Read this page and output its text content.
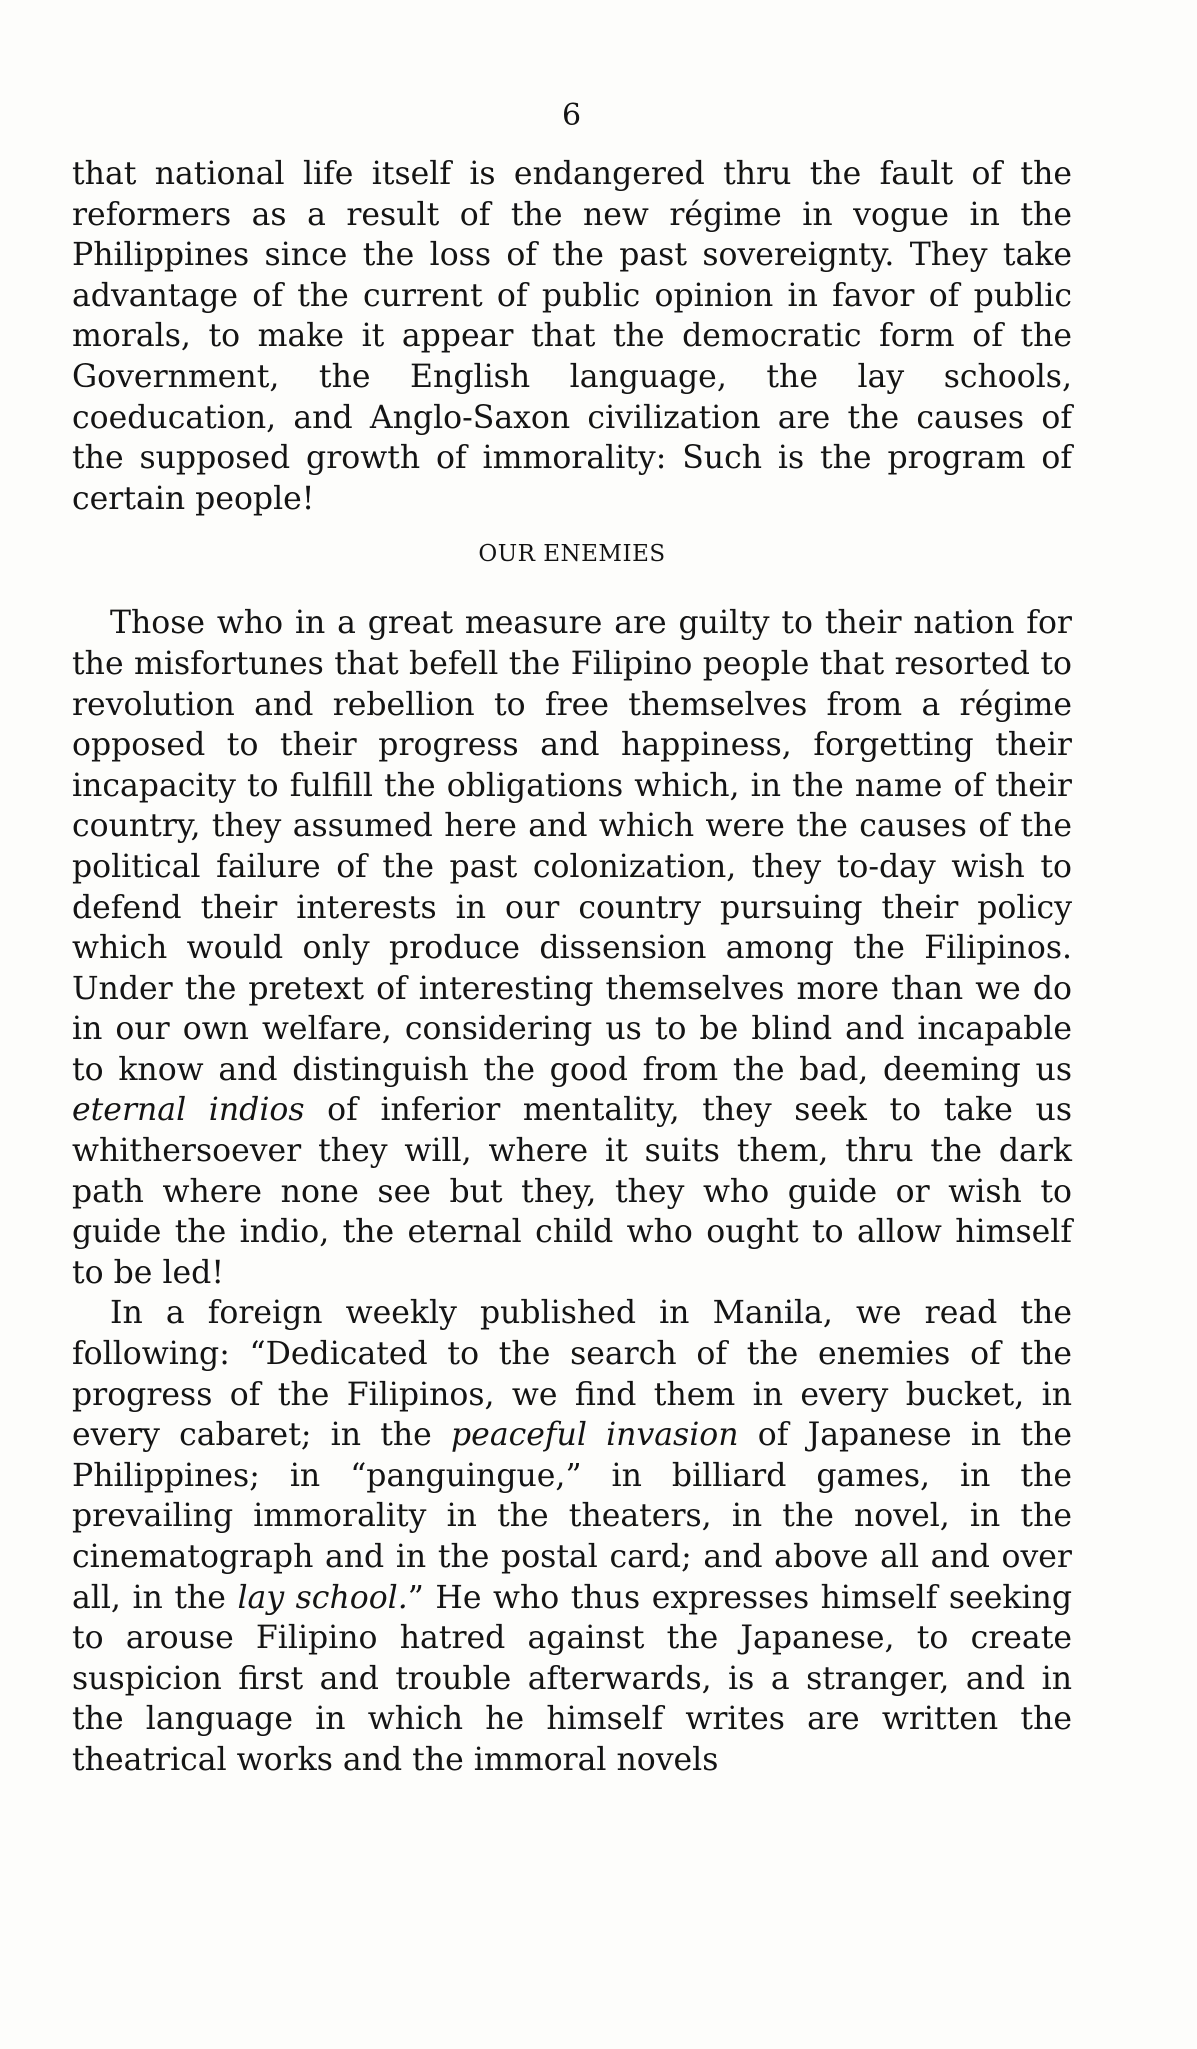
6

that national life itself is endangered thru the fault of the reformers as a result of the new régime in vogue in the Philippines since the loss of the past sovereignty. They take advantage of the current of public opinion in favor of public morals, to make it appear that the democratic form of the Government, the English language, the lay schools, coeducation, and Anglo-Saxon civilization are the causes of the supposed growth of immorality: Such is the program of certain people!

OUR ENEMIES

Those who in a great measure are guilty to their nation for the misfortunes that befell the Filipino people that resorted to revolution and rebellion to free themselves from a régime opposed to their progress and happiness, forgetting their incapacity to fulfill the obligations which, in the name of their country, they assumed here and which were the causes of the political failure of the past colonization, they to-day wish to defend their interests in our country pursuing their policy which would only produce dissension among the Filipinos. Under the pretext of interesting themselves more than we do in our own welfare, considering us to be blind and incapable to know and distinguish the good from the bad, deeming us eternal indios of inferior mentality, they seek to take us whithersoever they will, where it suits them, thru the dark path where none see but they, they who guide or wish to guide the indio, the eternal child who ought to allow himself to be led!

In a foreign weekly published in Manila, we read the following: “Dedicated to the search of the enemies of the progress of the Filipinos, we find them in every bucket, in every cabaret; in the peaceful invasion of Japanese in the Philippines; in “panguingue,” in billiard games, in the prevailing immorality in the theaters, in the novel, in the cinematograph and in the postal card; and above all and over all, in the lay school.” He who thus expresses himself seeking to arouse Filipino hatred against the Japanese, to create suspicion first and trouble afterwards, is a stranger, and in the language in which he himself writes are written the theatrical works and the immoral novels
